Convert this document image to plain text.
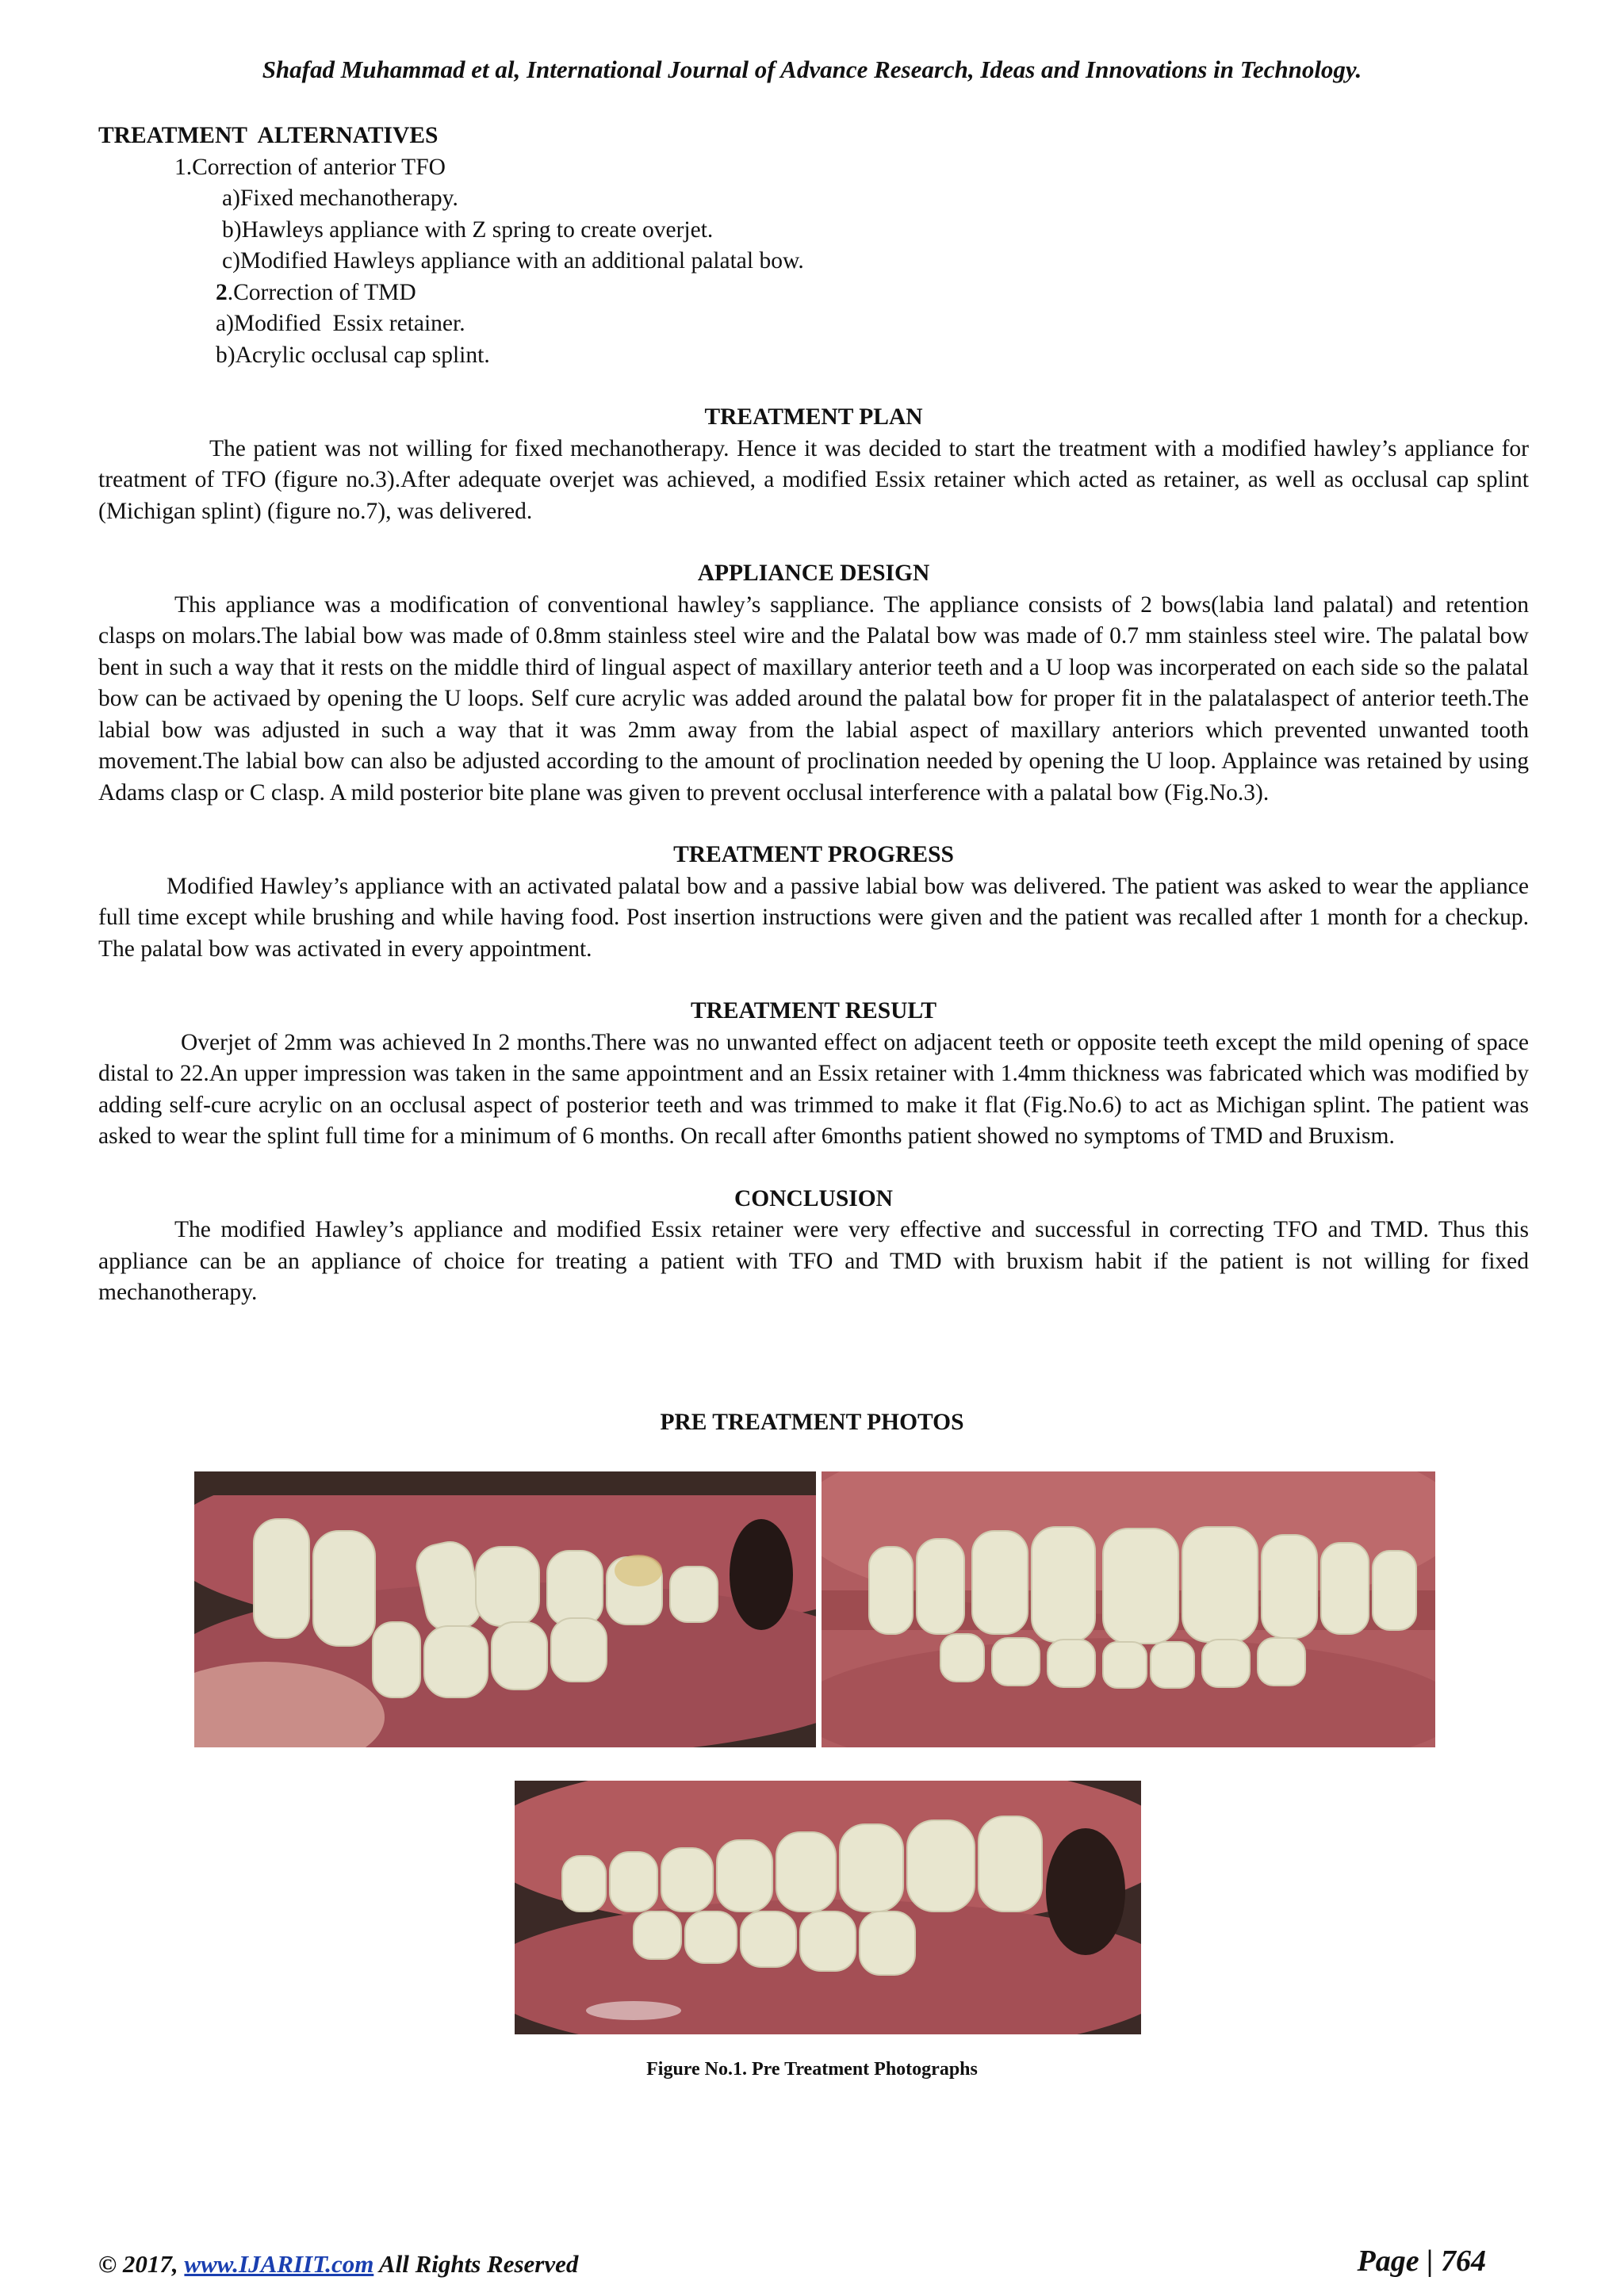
Shafad Muhammad et al, International Journal of Advance Research, Ideas and Innovations in Technology.

TREATMENT  ALTERNATIVES

1.Correction of anterior TFO

a)Fixed mechanotherapy.

b)Hawleys appliance with Z spring to create overjet.

c)Modified Hawleys appliance with an additional palatal bow.

2.Correction of TMD

a)Modified  Essix retainer.

b)Acrylic occlusal cap splint.

TREATMENT PLAN

The patient was not willing for fixed mechanotherapy. Hence it was decided to start the treatment with a modified hawley’s appliance for treatment of TFO (figure no.3).After adequate overjet was achieved, a modified Essix retainer which acted as retainer, as well as occlusal cap splint (Michigan splint) (figure no.7), was delivered.

APPLIANCE DESIGN

This appliance was a modification of conventional hawley’s sappliance. The appliance consists of 2 bows(labia land palatal) and retention clasps on molars.The labial bow was made of 0.8mm stainless steel wire and the Palatal bow was made of 0.7 mm stainless steel wire. The palatal bow bent in such a way that it rests on the middle third of lingual aspect of maxillary anterior teeth and a U loop was incorperated on each side so the palatal bow can be activaed by opening the U loops. Self cure acrylic was added around the palatal bow for proper fit in the palatalaspect of anterior teeth.The labial bow was adjusted in such a way that it was 2mm away from the labial aspect of maxillary anteriors which prevented unwanted tooth movement.The labial bow can also be adjusted according to the amount of proclination needed by opening the U loop. Applaince was retained by using Adams clasp or C clasp. A mild posterior bite plane was given to prevent occlusal interference with a palatal bow (Fig.No.3).

TREATMENT PROGRESS

Modified Hawley’s appliance with an activated palatal bow and a passive labial bow was delivered. The patient was asked to wear the appliance full time except while brushing and while having food. Post insertion instructions were given and the patient was recalled after 1 month for a checkup. The palatal bow was activated in every appointment.

TREATMENT RESULT

Overjet of 2mm was achieved In 2 months.There was no unwanted effect on adjacent teeth or opposite teeth except the mild opening of space distal to 22.An upper impression was taken in the same appointment and an Essix retainer with 1.4mm thickness was fabricated which was modified by adding self-cure acrylic on an occlusal aspect of posterior teeth and was trimmed to make it flat (Fig.No.6) to act as Michigan splint. The patient was asked to wear the splint full time for a minimum of 6 months. On recall after 6months patient showed no symptoms of TMD and Bruxism.

CONCLUSION

The modified Hawley’s appliance and modified Essix retainer were very effective and successful in correcting TFO and TMD. Thus this appliance can be an appliance of choice for treating a patient with TFO and TMD with bruxism habit if the patient is not willing for fixed mechanotherapy.

PRE TREATMENT PHOTOS
Figure No.1. Pre Treatment Photographs
© 2017, www.IJARIIT.com All Rights Reserved	Page | 764
